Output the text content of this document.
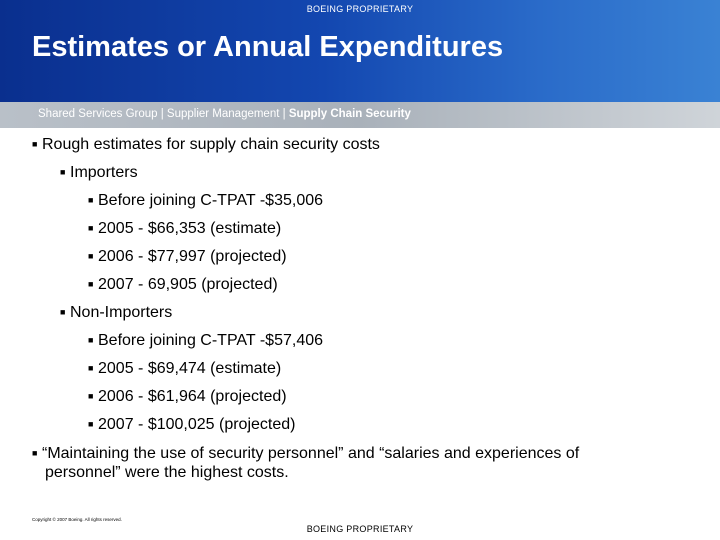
BOEING PROPRIETARY
Estimates or Annual Expenditures
Shared Services Group | Supplier Management | Supply Chain Security
■ Rough estimates for supply chain security costs
■ Importers
■ Before joining C-TPAT -$35,006
■ 2005 - $66,353 (estimate)
■ 2006 - $77,997 (projected)
■ 2007 - 69,905 (projected)
■ Non-Importers
■ Before joining C-TPAT -$57,406
■ 2005 - $69,474 (estimate)
■ 2006 - $61,964 (projected)
■ 2007 - $100,025 (projected)
■ “Maintaining the use of security personnel” and “salaries and experiences of
personnel” were the highest costs.
Copyright © 2007 Boeing. All rights reserved.
BOEING PROPRIETARY
